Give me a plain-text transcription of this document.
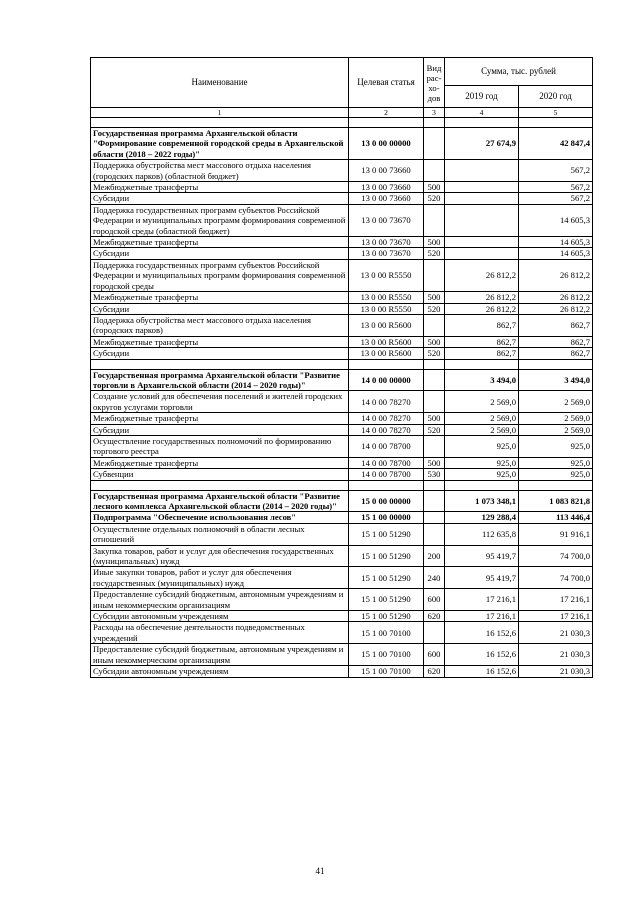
Наименование	Целевая статья	Вид рас-хо-дов	Сумма, тыс. рублей	
			2019 год	2020 год
1	2	3	4	5

Государственная программа Архангельской области "Формирование современной городской среды в Архангельской области (2018 – 2022 годы)"	13 0 00 00000		27 674,9	42 847,4
Поддержка обустройства мест массового отдыха населения (городских парков) (областной бюджет)	13 0 00 73660			567,2
Межбюджетные трансферты	13 0 00 73660	500		567,2
Субсидии	13 0 00 73660	520		567,2
Поддержка государственных программ субъектов Российской Федерации и муниципальных программ формирования современной городской среды (областной бюджет)	13 0 00 73670			14 605,3
Межбюджетные трансферты	13 0 00 73670	500		14 605,3
Субсидии	13 0 00 73670	520		14 605,3
Поддержка государственных программ субъектов Российской Федерации и муниципальных программ формирования современной городской среды	13 0 00 R5550		26 812,2	26 812,2
Межбюджетные трансферты	13 0 00 R5550	500	26 812,2	26 812,2
Субсидии	13 0 00 R5550	520	26 812,2	26 812,2
Поддержка обустройства мест массового отдыха населения (городских парков)	13 0 00 R5600		862,7	862,7
Межбюджетные трансферты	13 0 00 R5600	500	862,7	862,7
Субсидии	13 0 00 R5600	520	862,7	862,7

Государственная программа Архангельской области "Развитие торговли в Архангельской области (2014 – 2020 годы)"	14 0 00 00000		3 494,0	3 494,0
Создание условий для обеспечения поселений и жителей городских округов услугами торговли	14 0 00 78270		2 569,0	2 569,0
Межбюджетные трансферты	14 0 00 78270	500	2 569,0	2 569,0
Субсидии	14 0 00 78270	520	2 569,0	2 569,0
Осуществление государственных полномочий по формированию торгового реестра	14 0 00 78700		925,0	925,0
Межбюджетные трансферты	14 0 00 78700	500	925,0	925,0
Субвенции	14 0 00 78700	530	925,0	925,0

Государственная программа Архангельской области "Развитие лесного комплекса Архангельской области (2014 – 2020 годы)"	15 0 00 00000		1 073 348,1	1 083 821,8
Подпрограмма "Обеспечение использования лесов"	15 1 00 00000		129 288,4	113 446,4
Осуществление отдельных полномочий в области лесных отношений	15 1 00 51290		112 635,8	91 916,1
Закупка товаров, работ и услуг для обеспечения государственных (муниципальных) нужд	15 1 00 51290	200	95 419,7	74 700,0
Иные закупки товаров, работ и услуг для обеспечения государственных (муниципальных) нужд	15 1 00 51290	240	95 419,7	74 700,0
Предоставление субсидий бюджетным, автономным учреждениям и иным некоммерческим организациям	15 1 00 51290	600	17 216,1	17 216,1
Субсидии автономным учреждениям	15 1 00 51290	620	17 216,1	17 216,1
Расходы на обеспечение деятельности подведомственных учреждений	15 1 00 70100		16 152,6	21 030,3
Предоставление субсидий бюджетным, автономным учреждениям и иным некоммерческим организациям	15 1 00 70100	600	16 152,6	21 030,3
Субсидии автономным учреждениям	15 1 00 70100	620	16 152,6	21 030,3
41
